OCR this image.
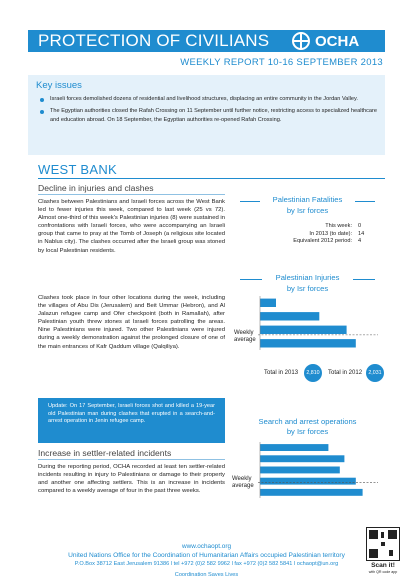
PROTECTION OF CIVILIANS	OCHA
WEEKLY REPORT 10-16 SEPTEMBER 2013
Key issues
Israeli forces demolished dozens of residential and livelihood structures, displacing an entire community in the Jordan Valley.
The Egyptian authorities closed the Rafah Crossing on 11 September until further notice, restricting access to specialized healthcare and education abroad. On 18 September, the Egyptian authorities re-opened Rafah Crossing.
WEST BANK
Decline in injuries and clashes
Clashes between Palestinians and Israeli forces across the West Bank led to fewer injuries this week, compared to last week (25 vs 72). Almost one-third of this week's Palestinian injuries (8) were sustained in confrontations with Israeli forces, who were accompanying an Israeli group that came to pray at the Tomb of Joseph (a religious site located in Nablus city). The clashes occurred after the Israeli group was stoned by local Palestinian residents.
Clashes took place in four other locations during the week, including the villages of Abu Dis (Jerusalem) and Beit Ummar (Hebron), and Al Jalazun refugee camp and Ofer checkpoint (both in Ramallah), after Palestinian youth threw stones at Israeli forces patrolling the areas. Nine Palestinians were injured. Two other Palestinians were injured during a weekly demonstration against the prolonged closure of one of the main entrances of Kafr Qaddum village (Qalqiliya).
Update: On 17 September, Israeli forces shot and killed a 19-year old Palestinian man during clashes that erupted in a search-and-arrest operation in Jenin refugee camp.
Increase in settler-related incidents
During the reporting period, OCHA recorded at least ten settler-related incidents resulting in injury to Palestinians or damage to their property and another one affecting settlers. This is an increase in incidents compared to a weekly average of four in the past three weeks.
Palestinian Fatalities
by Isr forces
This week:	0
In 2013 (to date):	14
Equivalent 2012 period:	4
Palestinian Injuries
by Isr forces
Weekly average
Total in 2013	2,810	Total in 2012	2,031
Search and arrest operations
by Isr forces
Weekly average
www.ochaopt.org
United Nations Office for the Coordination of Humanitarian Affairs occupied Palestinian territory
P.O.Box 38712 East Jerusalem 91386 l tel +972 (0)2 582 9962 l fax +972 (0)2 582 5841 l ochaopt@un.org
Coordination Saves Lives
Scan it!
with QR code app
